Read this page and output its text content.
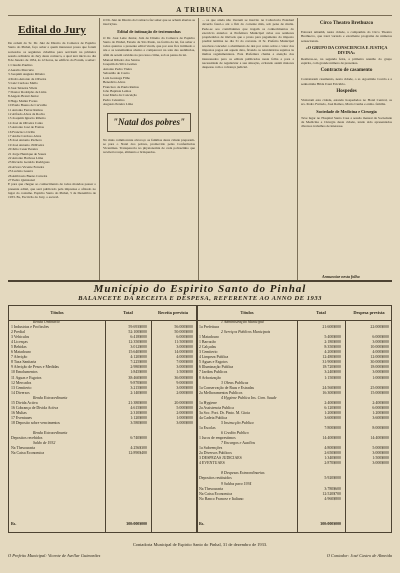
A TRIBUNA
Edital do Jury

De ordem do Sr. Dr. Juiz de Direito da Comarca de Espirito Santo do Pinhal, faço saber a quem interessar possa que foram sorteados os seguintes cidadãos para servirem na primeira sessão ordinária do Jury desta comarca, a qual terá início no dia 8 de Janeiro de 1934, às 12 horas, no edifício do Forum, a saber:

1 Claudio Paulino
2 Aurelio Mercurio
3 Joaquim Augusto Ribeiro
4 Pedro Antonio de Oliveira
5 Luiz Cardoso Mello
6 José Teixeira Vilela
7 Doutor Rodolpho de Lima
8 Angelo Brand Junior
9 Hugo Muller Fortes
10 Paulo Bueno de Carvalho
11 Antonio Ferraz Ramos
12 Alfredo Alves da Rocha
13 Joaquim Ignacio Ribeiro
14 José de Oliveira Canto
15 Antonio José de Freitas
16 Francisco Cirillo
17 Andre Cardoso Alves
18 José Antonio Pacheco
19 José Antonio d'Oliveira
20 Julio Cesar Pereira
21 Jorge Henrique de Souza
22 Antonio Barbosa Lima
23 Ricardo Geraldo Rodrigues
24 Alvaro Vicente Ferreira
25 Lucinio Guerra
26 Ambrosio Bueno Carreira
27 Pedro Quinzanal

E para que chegue ao conhecimento de todos mandou passar o presente edital, que será publicado pela imprensa e afixado no lugar do costume. Espirito Santo do Pinhal, 5 de Dezembro de 1933. Eu, Escrivão do Jury, o escrevi.

O Dr. Juiz de Direito da Comarca faz saber que se acham abertas as inscrições.

Edital de intimação de testemunhas

O Dr. José Leite Junior, Juiz de Direito da Comarca de Espirito Santo do Pinhal, Estado de São Paulo, na forma da lei, faz saber a todos quantos o presente edital virem, que por este fica intimado o réu e as testemunhas abaixo a comparecer na sala das audiências, afim de serem ouvidas no processo crime, sob as penas da lei.

Manoel Ribeiro dos Santos
Joaquim da Silva Gomes
Antonio Pedro Vieira
Sebastião de Castro
Luiz Gonzaga Filho
Benedicto Alves
Francisco de Paula Ramos
João Baptista Lemos
José Maria da Conceição
Pedro Celestino
Augusto Pereira Lima
"Natal dos pobres"

No mais commovente alvoroço as famílias desta cidade preparam-se para o Natal dos pobres, promovido pelas Conferências Vicentinas. Transparecia no physionomia de cada pobrezinho que receberá roupa, alimento e brinquedos.

... os que ainda não tiverem se inscrito na Collectoria Estadual deverão fazel-o até o fim do corrente mês, sob pena de multa. Pede-se aos contribuintes que tragam os conhecimentos do exercício anterior. A Prefeitura Municipal avisa aos senhores proprietários de imóveis que o prazo para pagamento do imposto predial termina no dia 31 do corrente. O Sr. Prefeito Municipal resolveu conceder o abatimento de dez por cento sobre o valor dos impostos pagos até aquela data, ficando os retardatários sujeitos às multas regulamentares. Esta Prefeitura chama a atenção dos interessados para os editais publicados nesta folha e para a necessidade de regularizar a sua situação, evitando assim maiores despesas com a cobrança judicial.

Circo Theatro Brethuzco

Estreará amanhã, nesta cidade, a companhia do Circo Theatro Brethuzco, que trará variado e excellente programa de números sensacionais.

«O GRUPO DA CONSCIENCIA E JUSTIÇA DIVINA»

Realizou-se, na segunda feira, a primeira reunião do grupo espirita, com grande número de presentes.

Contracto de casamento

Contrataram casamento, nesta cidade, o sr. Agostinho Corrêa e a senhorinha Hilda Ivani Ericidrio.

Hospedes

Visitaram esta cidade, estando hospedados no Hotel Central, os srs. Pedro Furtado, José Ramos, Mario Cunha e exma. família.

Sociedade de Medicina e Cirurgia

Teve lugar no Hospital Santa Casa a sessão mensal da Sociedade de Medicina e Cirurgia desta cidade, tendo sido apresentados diversos trabalhos de interesse.

Annunciae nesta folha
Município do Espirito Santo do Pinhal
BALANCETE DA RECEITA E DESPESA, REFERENTE AO ANNO DE 1933
Títulos	Total	Receita prevista	Títulos	Total	Despesa prevista
Renda Ordinaria
1 Industrias e Profissões	59:693$000	56:000$000
2 Predial	52:100$000	50:000$000
3 Vehiculos	6:418$000	6:000$000
4 Licenças	12:350$000	11:500$000
5 Bebidas	3:012$000	3:000$000
6 Matadouro	15:640$000	14:000$000
7 Aferição	4:120$000	4:000$000
8 Taxa Sanitaria	7:225$000	7:000$000
9 Aferição de Pesos e Medidas	2:980$000	3:000$000
10 Emolumentos	1:845$000	1:500$000
11 Aguas e Esgotos	38:460$000	36:000$000
12 Mercados	9:870$000	9:000$000
13 Cemiterio	3:215$000	3:000$000
14 Diversos	2:140$000	2:000$000
Renda Extraordinaria
15 Divida Activa	21:380$000	20:000$000
16 Cobrança de Divida Activa	4:615$000	5:000$000
16 Multas	2:310$000	2:000$000
17 Eventuaes	1:120$000	1:000$000
18 Deposito sobre vencimentos	3:580$000	3:000$000
Renda Extraordinaria
Depositos recebidos	6:740$000
Saldo de 1932
Na Thesouraria	4:256$300
Na Caixa Economica	12:890$400
Rs.	300:000$000
1 Administração Municipal
1a Prefeitura	21:600$000	22:000$000
2 Serviços Publicos Municipais
1 Matadouro	5:400$000	6:000$000
1 Barracão	2:180$000	3:000$000
2 Calçadas	8:350$000	10:000$000
3 Cemiterio	4:200$000	4:000$000
4 Limpeza Publica	12:480$000	12:000$000
5 Aguas e Esgotos	31:900$000	30:000$000
6 Illuminação Publica	18:720$000	18:000$000
7 Jardins Publicos	3:240$000	3:000$000
8 Arborização	1:150$000	1:000$000
3 Obras Publicas
1a Conservação de Ruas e Estradas	24:560$000	25:000$000
2a Melhoramentos Publicos	16:300$000	15:000$000
4 Hygiene Publica Ins. Com. Saude
1a Hygiene	2:400$000	2:400$000
2a Assistencia Publica	6:120$000	6:000$000
3a Soc. Port. Dr. Pinto. M. Gioia	1:200$000	1:200$000
4a Cadeia Publica	3:600$000	3:600$000
5 Instrucção Publica
1a Escolas	7:800$000	8:000$000
6 Credito Publico
1 Juros de emprestimos	14:400$000	14:400$000
7 Encargos e Auxilios
1a Subvenções	4:800$000	5:000$000
2a Diversos Publicos	2:650$000	3:000$000
3 DESPEZAS JUDICIAES	1:340$000	1:500$000
4 EVENTUAES	2:870$000	3:000$000
8 Despesas Extraordinarias
Depositos restituidos	5:920$000
9 Saldos para 1934
Na Thesouraria	3:780$600
Na Caixa Economica	12:520$700
No Banco Francez e Italiano	4:960$800
Rs.	300:000$000
Contadoria Municipal de Espirito Santo do Pinhal, 31 de dezembro de 1933.
O Prefeito Municipal: Vicente de Avellar Guimarães	O Contador: José Castro de Almeida
